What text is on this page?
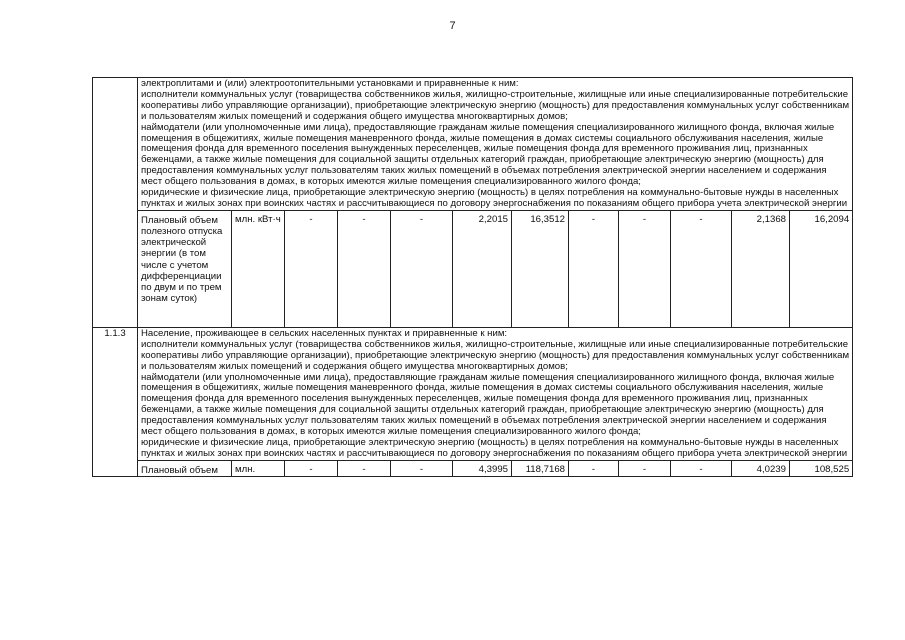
7

	электроплитами и (или) электроотопительными установками и приравненные к ним:

исполнители коммунальных услуг (товарищества собственников жилья, жилищно-строительные, жилищные или иные специализированные потребительские кооперативы либо управляющие организации), приобретающие электрическую энергию (мощность) для предоставления коммунальных услуг собственникам и пользователям жилых помещений и содержания общего имущества многоквартирных домов;

наймодатели (или уполномоченные ими лица), предоставляющие гражданам жилые помещения специализированного жилищного фонда, включая жилые помещения в общежитиях, жилые помещения маневренного фонда, жилые помещения в домах системы социального обслуживания населения, жилые помещения фонда для временного поселения вынужденных переселенцев, жилые помещения фонда для временного проживания лиц, признанных беженцами, а также жилые помещения для социальной защиты отдельных категорий граждан, приобретающие электрическую энергию (мощность) для предоставления коммунальных услуг пользователям таких жилых помещений в объемах потребления электрической энергии населением и содержания мест общего пользования в домах, в которых имеются жилые помещения специализированного жилого фонда;

юридические и физические лица, приобретающие электрическую энергию (мощность) в целях потребления на коммунально-бытовые нужды в населенных пунктах и жилых зонах при воинских частях и рассчитывающиеся по договору энергоснабжения по показаниям общего прибора учета электрической энергии											

	Плановый объем полезного отпуска электрической энергии (в том числе с учетом дифференциации по двум и по трем зонам суток)	млн. кВт·ч	-	-	-	2,2015	16,3512	-	-	-	2,1368	16,2094
1.1.3	Население, проживающее в сельских населенных пунктах и приравненные к ним:

исполнители коммунальных услуг (товарищества собственников жилья, жилищно-строительные, жилищные или иные специализированные потребительские кооперативы либо управляющие организации), приобретающие электрическую энергию (мощность) для предоставления коммунальных услуг собственникам и пользователям жилых помещений и содержания общего имущества многоквартирных домов;

наймодатели (или уполномоченные ими лица), предоставляющие гражданам жилые помещения специализированного жилищного фонда, включая жилые помещения в общежитиях, жилые помещения маневренного фонда, жилые помещения в домах системы социального обслуживания населения, жилые помещения фонда для временного поселения вынужденных переселенцев, жилые помещения фонда для временного проживания лиц, признанных беженцами, а также жилые помещения для социальной защиты отдельных категорий граждан, приобретающие электрическую энергию (мощность) для предоставления коммунальных услуг пользователям таких жилых помещений в объемах потребления электрической энергии населением и содержания мест общего пользования в домах, в которых имеются жилые помещения специализированного жилого фонда;

юридические и физические лица, приобретающие электрическую энергию (мощность) в целях потребления на коммунально-бытовые нужды в населенных пунктах и жилых зонах при воинских частях и рассчитывающиеся по договору энергоснабжения по показаниям общего прибора учета электрической энергии											

	Плановый объем	млн.	-	-	-	4,3995	118,7168	-	-	-	4,0239	108,525
